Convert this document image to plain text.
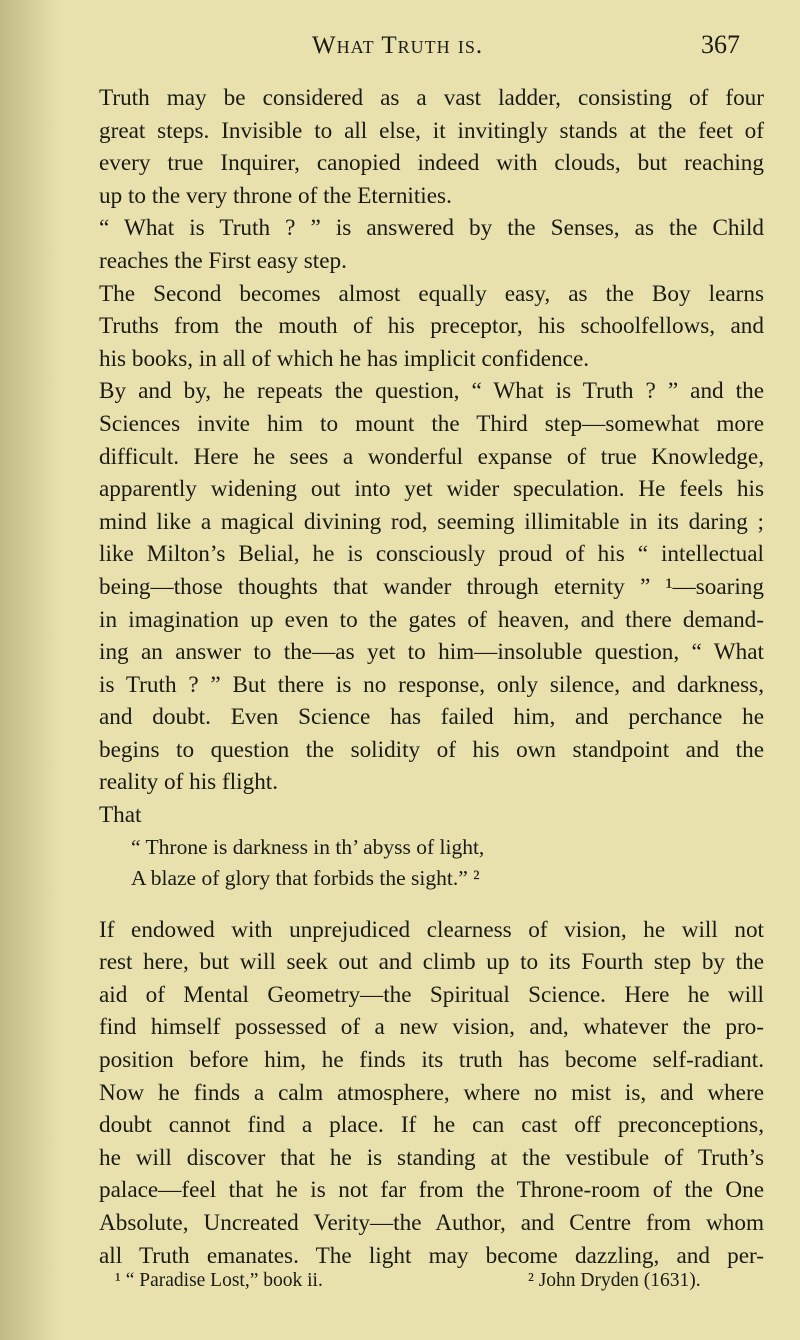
What Truth is.	367
Truth may be considered as a vast ladder, consisting of four
great steps. Invisible to all else, it invitingly stands at the feet of
every true Inquirer, canopied indeed with clouds, but reaching
up to the very throne of the Eternities.
“ What is Truth ? ” is answered by the Senses, as the Child
reaches the First easy step.
The Second becomes almost equally easy, as the Boy learns
Truths from the mouth of his preceptor, his schoolfellows, and
his books, in all of which he has implicit confidence.
By and by, he repeats the question, “ What is Truth ? ” and the
Sciences invite him to mount the Third step—somewhat more
difficult. Here he sees a wonderful expanse of true Knowledge,
apparently widening out into yet wider speculation. He feels his
mind like a magical divining rod, seeming illimitable in its daring ;
like Milton’s Belial, he is consciously proud of his “ intellectual
being—those thoughts that wander through eternity ” ¹—soaring
in imagination up even to the gates of heaven, and there demand-
ing an answer to the—as yet to him—insoluble question, “ What
is Truth ? ” But there is no response, only silence, and darkness,
and doubt. Even Science has failed him, and perchance he
begins to question the solidity of his own standpoint and the
reality of his flight.
That
“ Throne is darkness in th’ abyss of light,
A blaze of glory that forbids the sight.” ²
If endowed with unprejudiced clearness of vision, he will not
rest here, but will seek out and climb up to its Fourth step by the
aid of Mental Geometry—the Spiritual Science. Here he will
find himself possessed of a new vision, and, whatever the pro-
position before him, he finds its truth has become self-radiant.
Now he finds a calm atmosphere, where no mist is, and where
doubt cannot find a place. If he can cast off preconceptions,
he will discover that he is standing at the vestibule of Truth’s
palace—feel that he is not far from the Throne-room of the One
Absolute, Uncreated Verity—the Author, and Centre from whom
all Truth emanates. The light may become dazzling, and per-
¹ “ Paradise Lost,” book ii.	² John Dryden (1631).
